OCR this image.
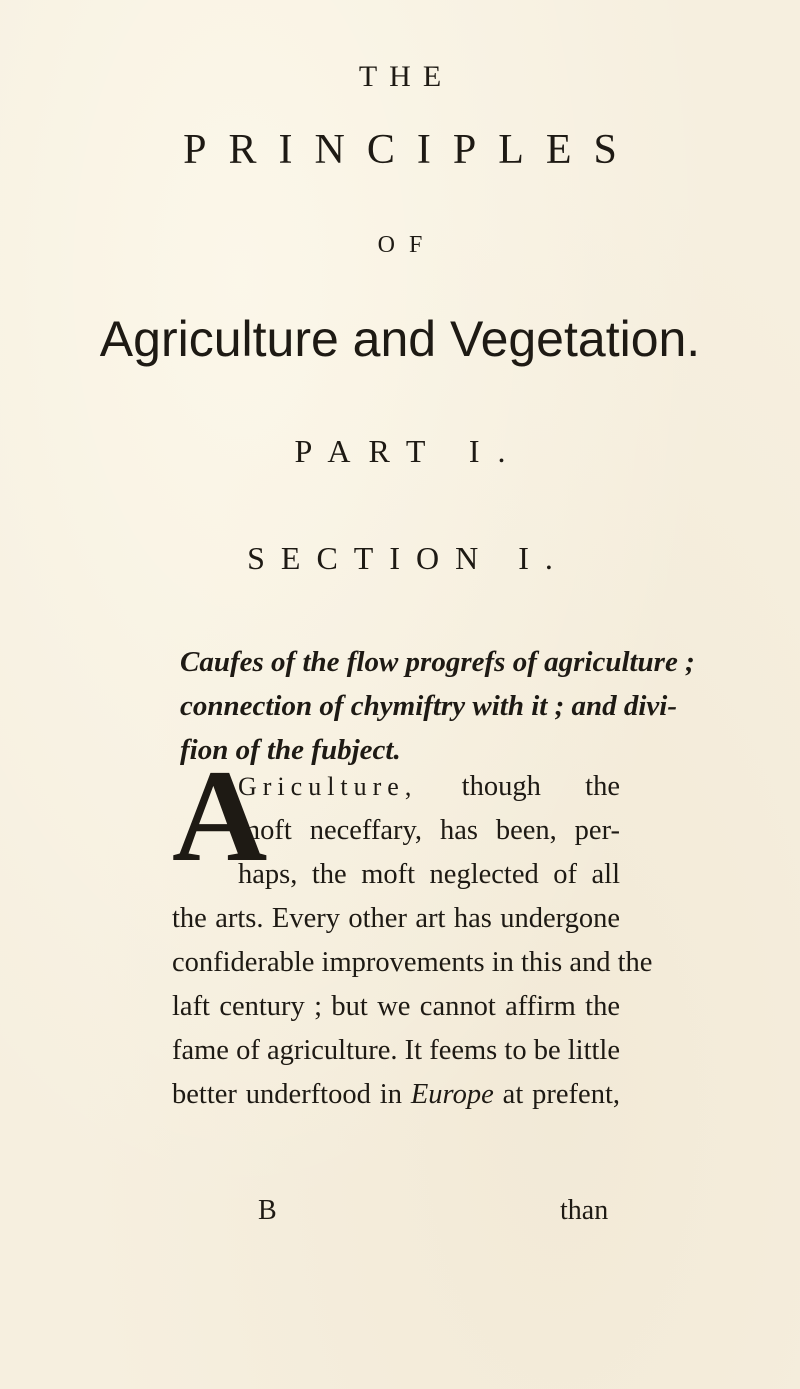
THE
PRINCIPLES
OF
Agriculture and Vegetation.
PART I.
SECTION I.
Caufes of the flow progrefs of agriculture ;
connection of chymiftry with it ; and divi-
fion of the fubject.
A
Griculture, though the
moft neceffary, has been, per-
haps, the moft neglected of all
the arts. Every other art has undergone
confiderable improvements in this and the
laft century ; but we cannot affirm the
fame of agriculture. It feems to be little
better underftood in Europe at prefent,
B	than
